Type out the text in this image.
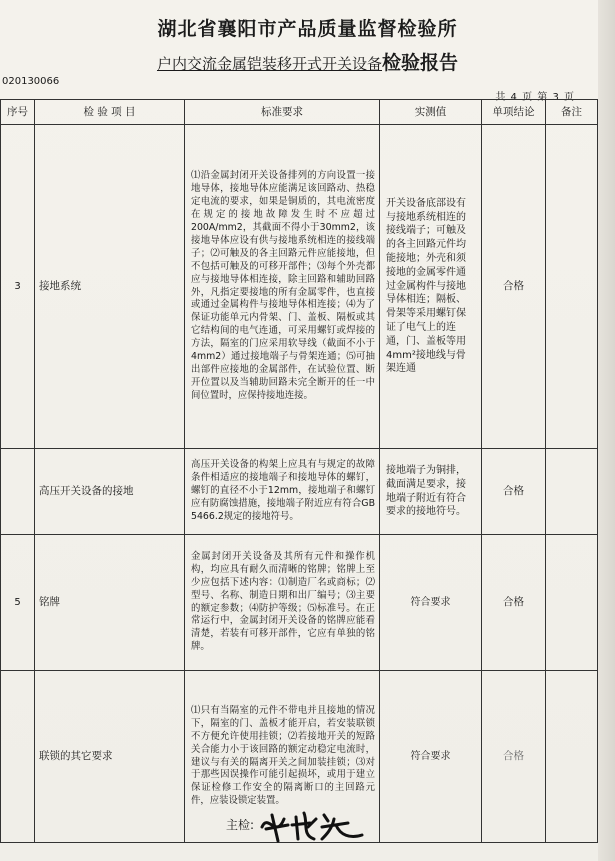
湖北省襄阳市产品质量监督检验所
户内交流金属铠装移开式开关设备检验报告
020130066
共 4 页 第 3 页
序号	检 验 项 目	标准要求	实测值	单项结论	备注
3	接地系统	⑴沿金属封闭开关设备排列的方向设置一接地导体，接地导体应能满足该回路动、热稳定电流的要求，如果是铜质的，其电流密度在规定的接地故障发生时不应超过200A/mm2，其截面不得小于30mm2，该接地导体应设有供与接地系统相连的接线端子；⑵可触及的各主回路元件应能接地，但不包括可触及的可移开部件；⑶每个外壳都应与接地导体相连接，除主回路和辅助回路外，凡指定要接地的所有金属零件，也直接或通过金属构件与接地导体相连接；⑷为了保证功能单元内骨架、门、盖板、隔板或其它结构间的电气连通，可采用螺钉或焊接的方法，隔室的门应采用软导线（截面不小于4mm2）通过接地端子与骨架连通；⑸可抽出部件应接地的金属部件，在试验位置、断开位置以及当辅助回路未完全断开的任一中间位置时，应保持接地连接。	开关设备底部设有与接地系统相连的接线端子；可触及的各主回路元件均能接地；外壳和须接地的金属零件通过金属构件与接地导体相连；隔板、骨架等采用螺钉保证了电气上的连通，门、盖板等用4mm²接地线与骨架连通	合格	
	高压开关设备的接地	高压开关设备的构架上应具有与规定的故障条件相适应的接地端子和接地导体的螺钉，螺钉的直径不小于12mm，接地端子和螺钉应有防腐蚀措施，接地端子附近应有符合GB 5466.2规定的接地符号。	接地端子为铜排，截面满足要求，接地端子附近有符合要求的接地符号。	合格	
5	铭牌	金属封闭开关设备及其所有元件和操作机构，均应具有耐久而清晰的铭牌；铭牌上至少应包括下述内容：⑴制造厂名或商标；⑵型号、名称、制造日期和出厂编号；⑶主要的额定参数；⑷防护等级；⑸标准号。在正常运行中，金属封闭开关设备的铭牌应能看清楚，若装有可移开部件，它应有单独的铭牌。	符合要求	合格	
	联锁的其它要求	⑴只有当隔室的元件不带电并且接地的情况下，隔室的门、盖板才能开启，若安装联锁不方便允许使用挂锁；⑵若接地开关的短路关合能力小于该回路的额定动稳定电流时，建议与有关的隔离开关之间加装挂锁；⑶对于那些因误操作可能引起损坏，或用于建立保证检修工作安全的隔离断口的主回路元件，应装设锁定装置。	符合要求	合格	
主检:
